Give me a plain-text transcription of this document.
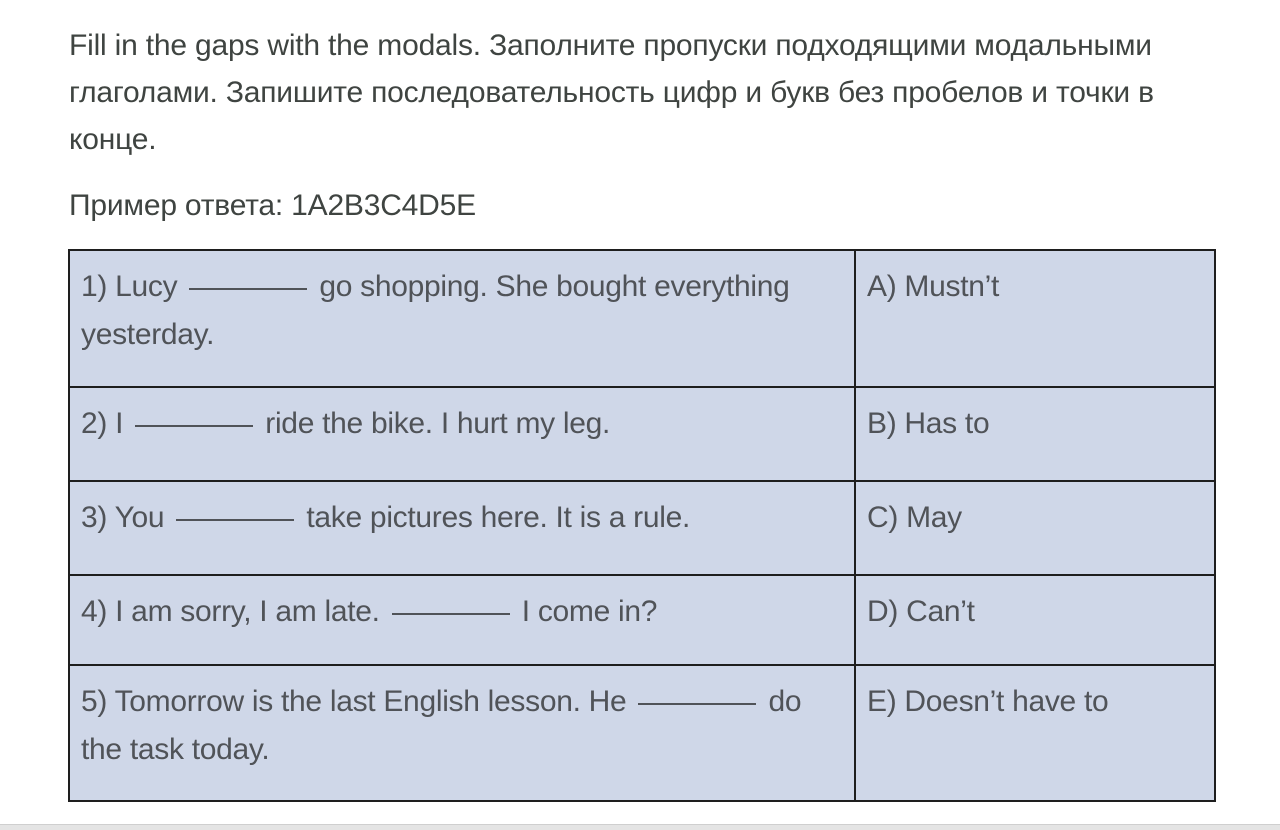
Fill in the gaps with the modals. Заполните пропуски подходящими модальными глаголами. Запишите последовательность цифр и букв без пробелов и точки в конце.
Пример ответа: 1A2B3C4D5E
1) Lucy go shopping. She bought everything yesterday.	A) Mustn’t
2) I ride the bike. I hurt my leg.	B) Has to
3) You take pictures here. It is a rule.	C) May
4) I am sorry, I am late. I come in?	D) Can’t
5) Tomorrow is the last English lesson. He do the task today.	E) Doesn’t have to
